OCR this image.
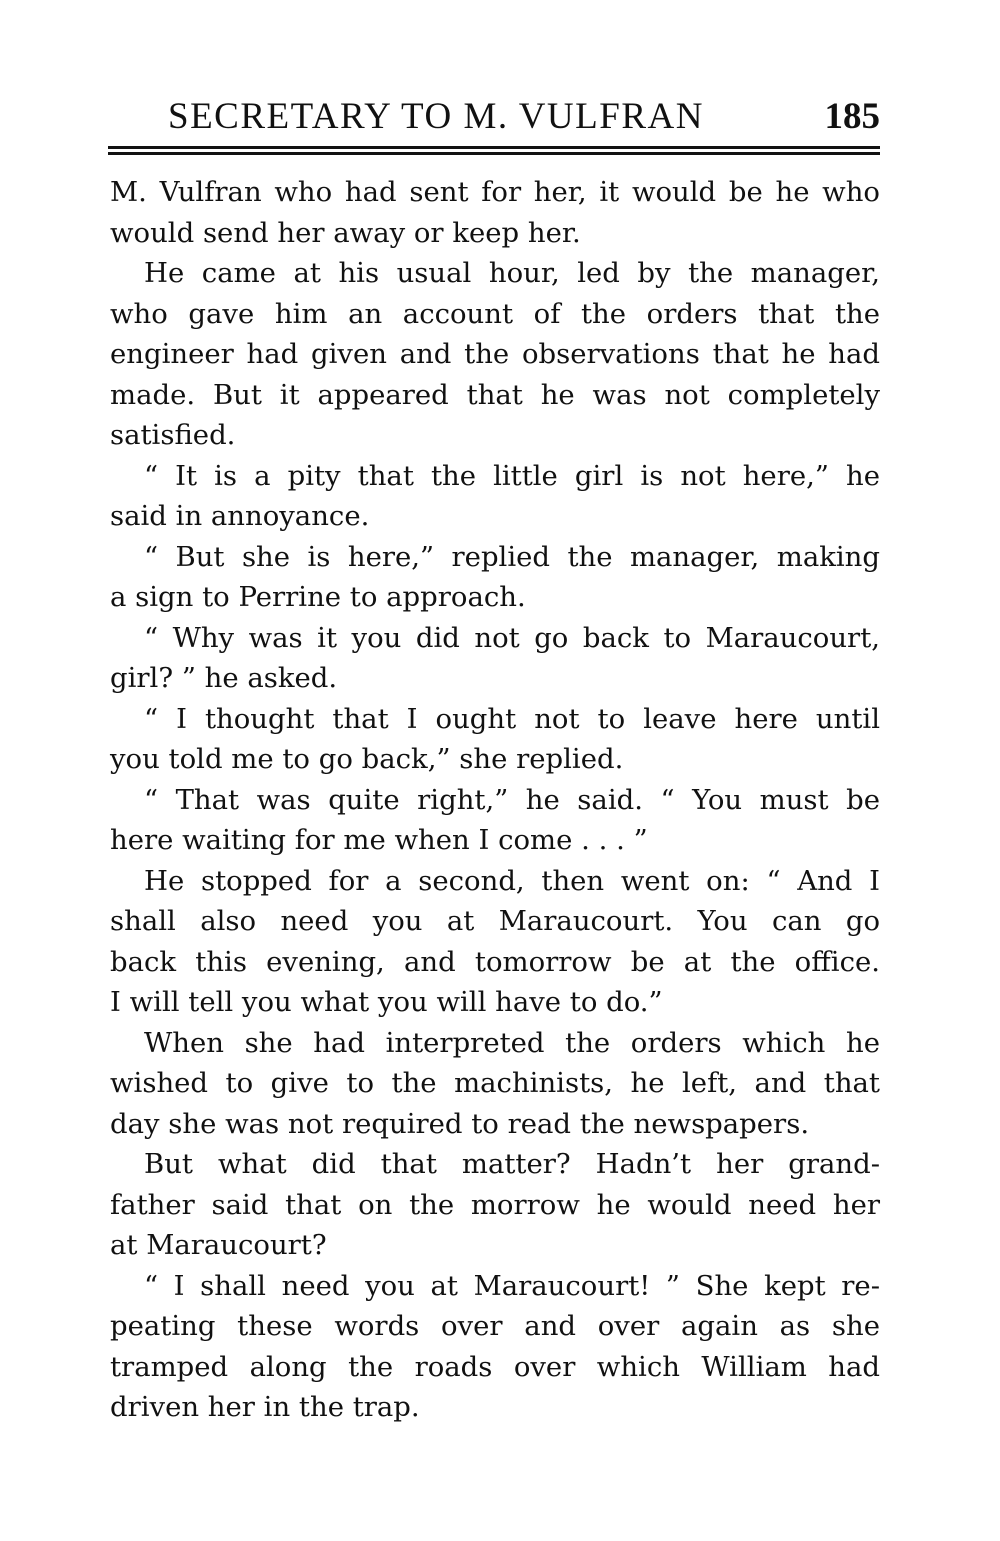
SECRETARY TO M. VULFRAN	185
M. Vulfran who had sent for her, it would be he who
would send her away or keep her.
He came at his usual hour, led by the manager,
who gave him an account of the orders that the
engineer had given and the observations that he had
made. But it appeared that he was not completely
satisfied.
“ It is a pity that the little girl is not here,” he
said in annoyance.
“ But she is here,” replied the manager, making
a sign to Perrine to approach.
“ Why was it you did not go back to Maraucourt,
girl? ” he asked.
“ I thought that I ought not to leave here until
you told me to go back,” she replied.
“ That was quite right,” he said. “ You must be
here waiting for me when I come . . . ”
He stopped for a second, then went on: “ And I
shall also need you at Maraucourt. You can go
back this evening, and tomorrow be at the office.
I will tell you what you will have to do.”
When she had interpreted the orders which he
wished to give to the machinists, he left, and that
day she was not required to read the newspapers.
But what did that matter? Hadn’t her grand-
father said that on the morrow he would need her
at Maraucourt?
“ I shall need you at Maraucourt! ” She kept re-
peating these words over and over again as she
tramped along the roads over which William had
driven her in the trap.
